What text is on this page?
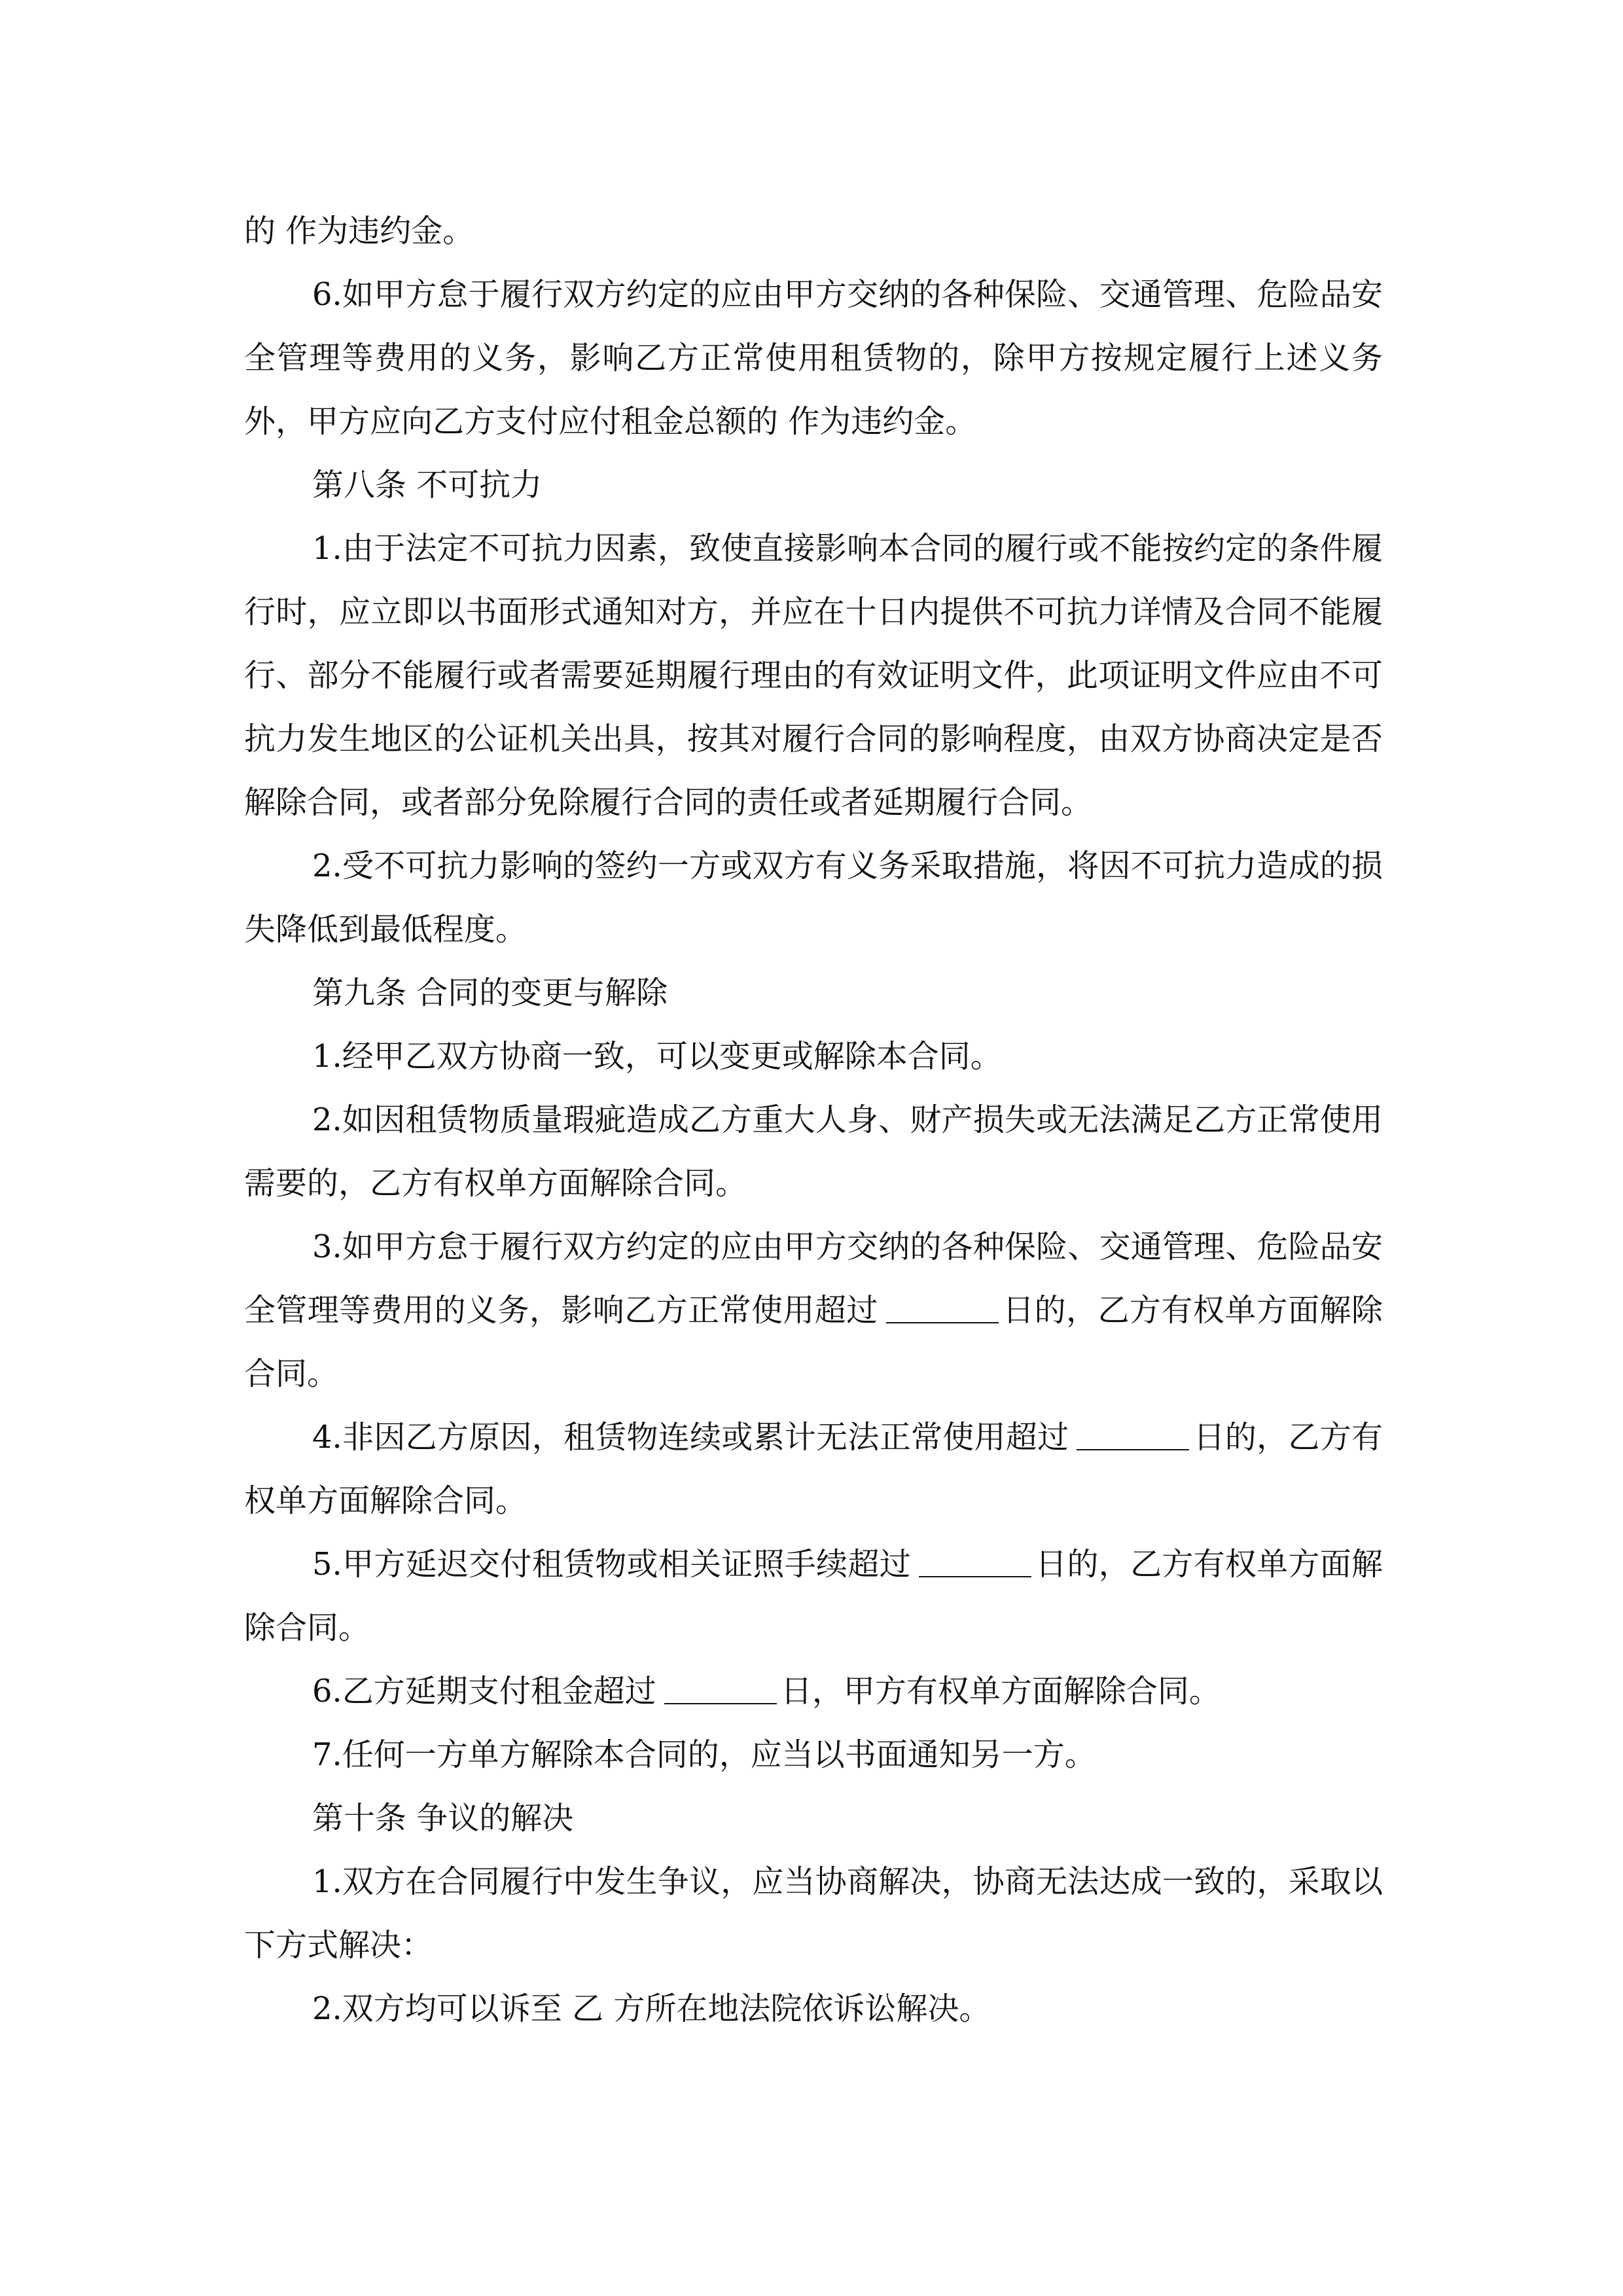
的 作为违约金。

6.如甲方怠于履行双方约定的应由甲方交纳的各种保险、交通管理、危险品安全管理等费用的义务，影响乙方正常使用租赁物的，除甲方按规定履行上述义务外，甲方应向乙方支付应付租金总额的 作为违约金。

第八条 不可抗力

1.由于法定不可抗力因素，致使直接影响本合同的履行或不能按约定的条件履行时，应立即以书面形式通知对方，并应在十日内提供不可抗力详情及合同不能履行、部分不能履行或者需要延期履行理由的有效证明文件，此项证明文件应由不可抗力发生地区的公证机关出具，按其对履行合同的影响程度，由双方协商决定是否解除合同，或者部分免除履行合同的责任或者延期履行合同。

2.受不可抗力影响的签约一方或双方有义务采取措施，将因不可抗力造成的损失降低到最低程度。

第九条 合同的变更与解除

1.经甲乙双方协商一致，可以变更或解除本合同。

2.如因租赁物质量瑕疵造成乙方重大人身、财产损失或无法满足乙方正常使用需要的，乙方有权单方面解除合同。

3.如甲方怠于履行双方约定的应由甲方交纳的各种保险、交通管理、危险品安全管理等费用的义务，影响乙方正常使用超过	日的，乙方有权单方面解除合同。

4.非因乙方原因，租赁物连续或累计无法正常使用超过	日的，乙方有权单方面解除合同。

5.甲方延迟交付租赁物或相关证照手续超过	日的，乙方有权单方面解除合同。

6.乙方延期支付租金超过	日，甲方有权单方面解除合同。

7.任何一方单方解除本合同的，应当以书面通知另一方。

第十条 争议的解决

1.双方在合同履行中发生争议，应当协商解决，协商无法达成一致的，采取以下方式解决：

2.双方均可以诉至 乙 方所在地法院依诉讼解决。
